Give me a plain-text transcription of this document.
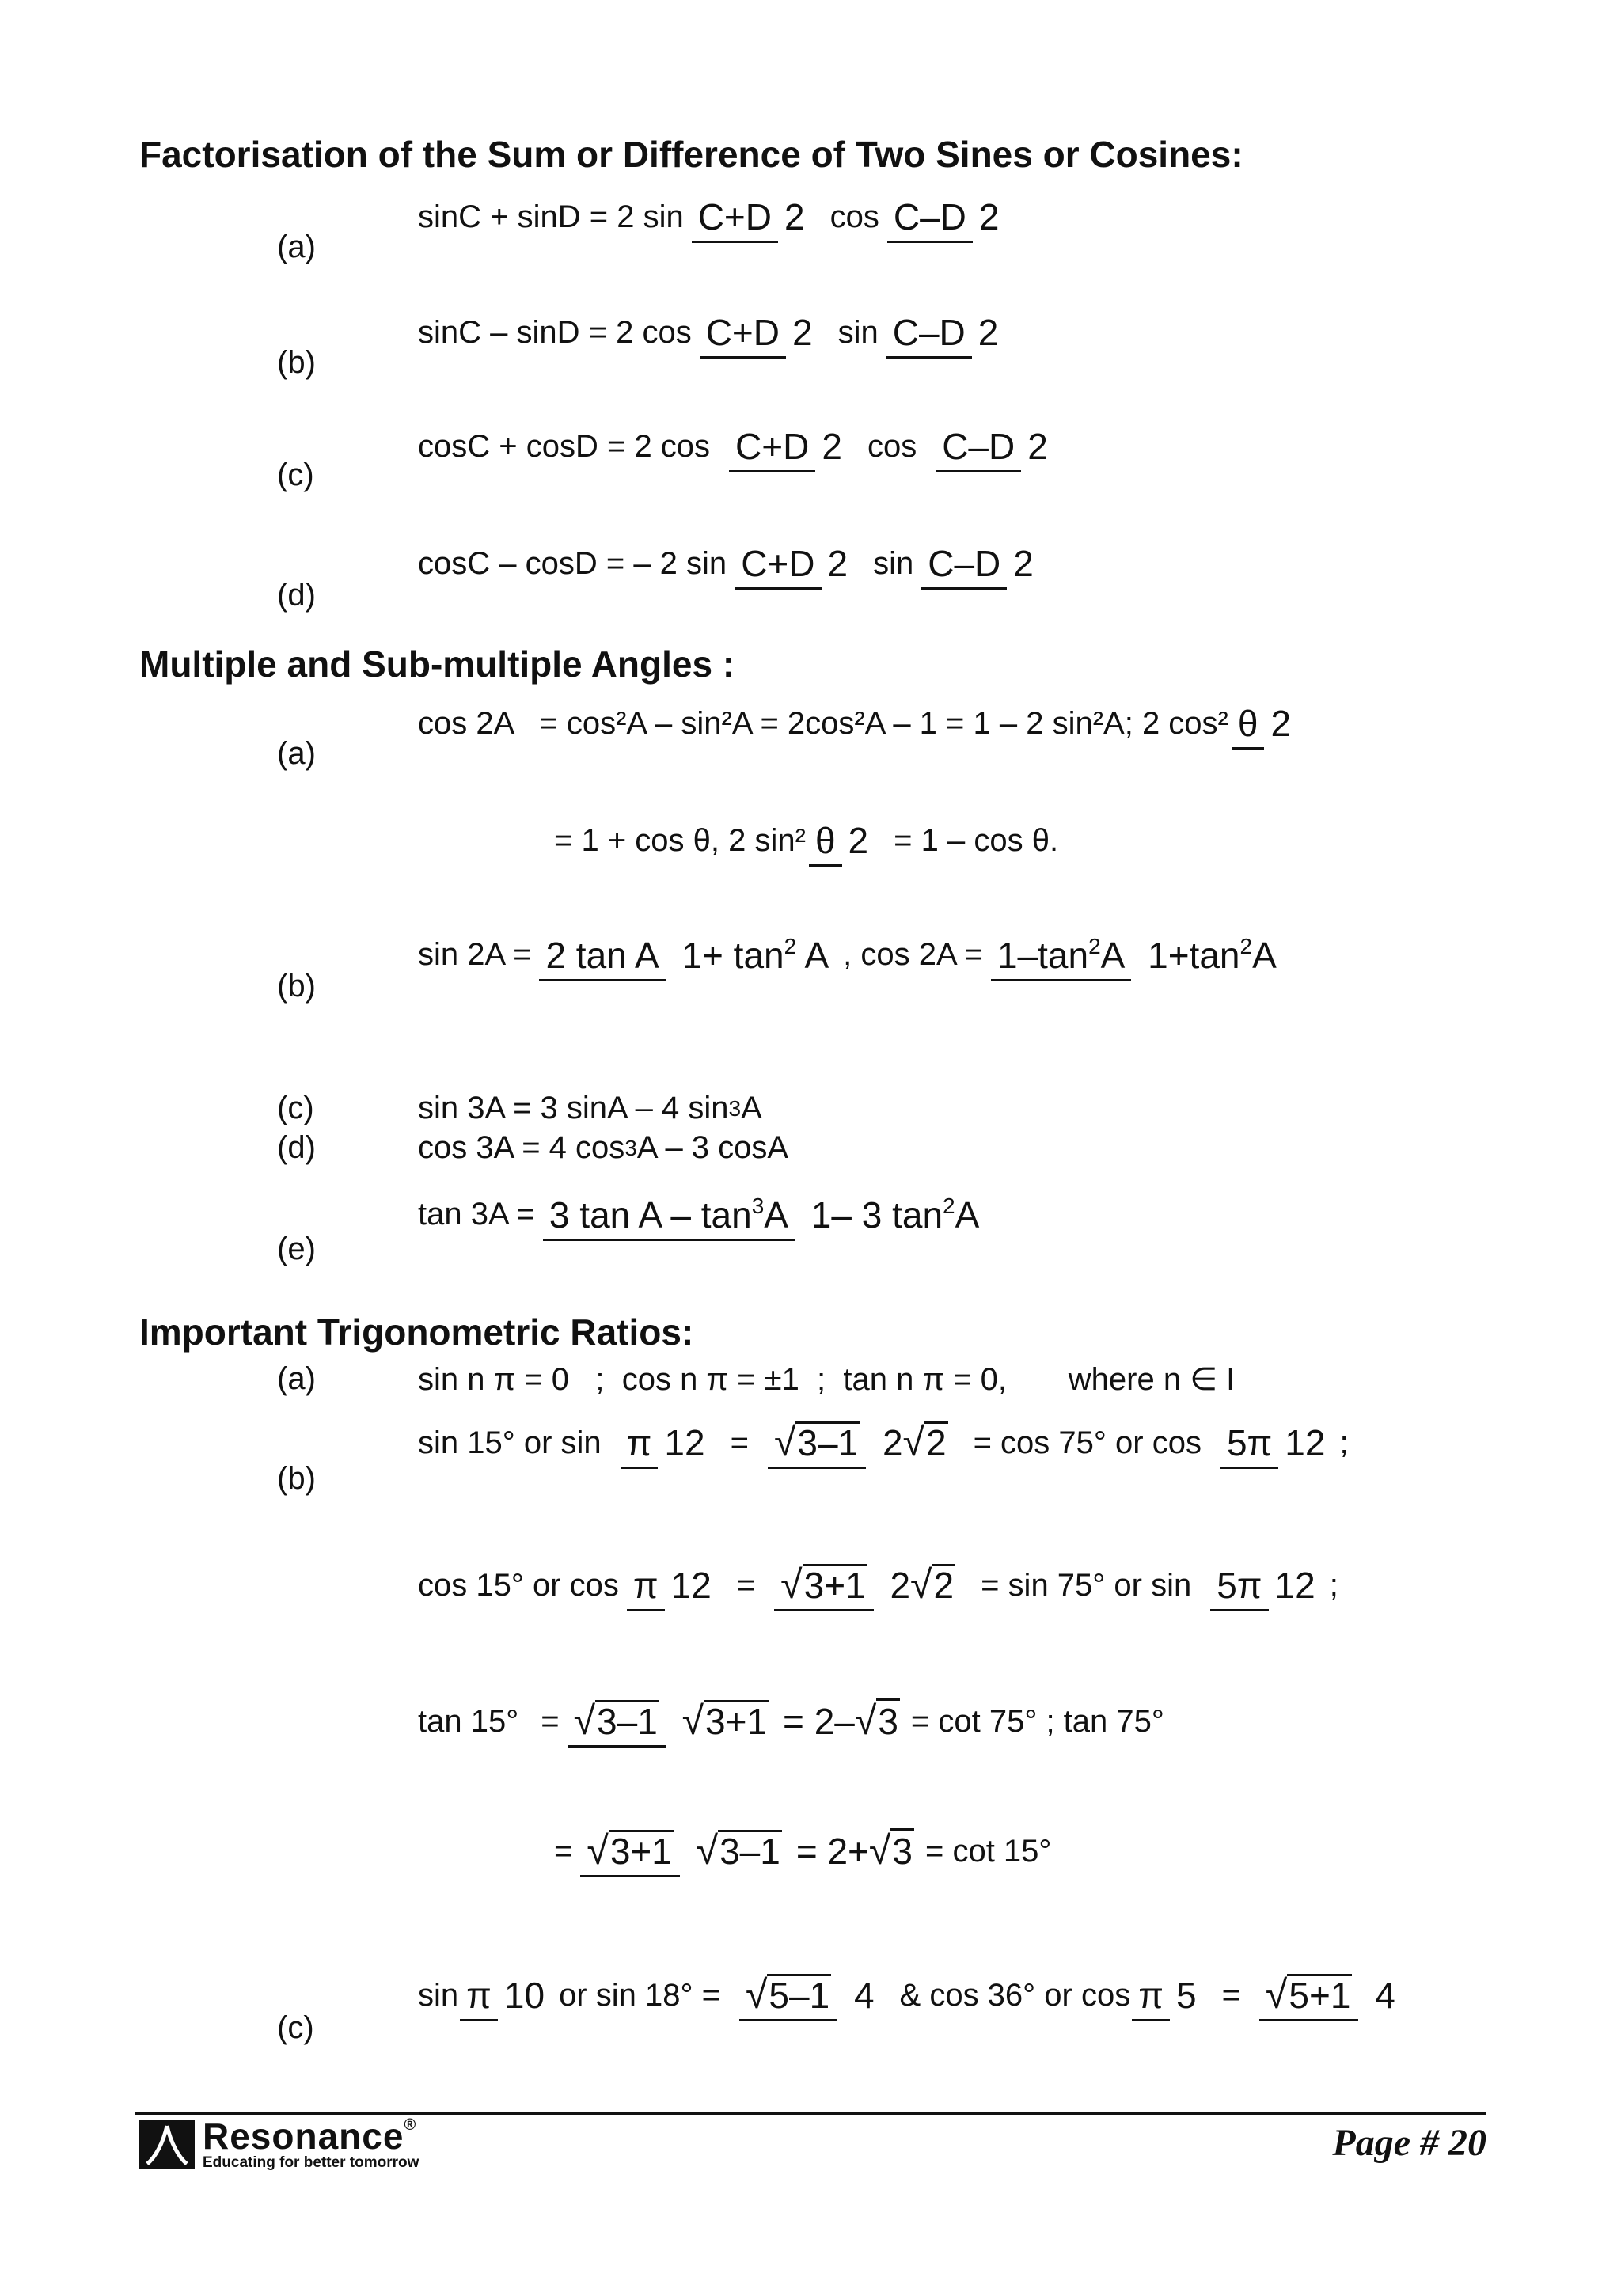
Factorisation of the Sum or Difference of Two Sines or Cosines:
(a)
sinC + sinD = 2 sin C+D 2 cos C–D 2
(b)
sinC – sinD = 2 cos C+D 2 sin C–D 2
(c)
cosC + cosD = 2 cos C+D 2 cos C–D 2
(d)
cosC – cosD = – 2 sin C+D 2 sin C–D 2
Multiple and Sub-multiple Angles :
(a)
cos 2A   = cos²A – sin²A = 2cos²A – 1 = 1 – 2 sin²A; 2 cos² θ 2
= 1 + cos θ, 2 sin² θ 2 = 1 – cos θ.
(b)
sin 2A = 2 tan A $1+ \tan^2 A$ , $\cos 2A = 1-\tan^2A$ $1+\tan^2A$
(c)	sin 3A = 3 sinA – 4 sin 3 A
(d)	cos 3A = 4 cos 3 A – 3 cosA
(e)
tan 3A = 3 tan A – $\tan^3A$ 1– 3 $\tan^2A$
Important Trigonometric Ratios:
(a)	sin n π = 0   ;  cos n π = ±1  ;  tan n π = 0,       where n ∈ I
(b)
sin 15° or sin π 12 = √ 3–1 2 √ 2 = cos 75° or cos 5π 12 ;
cos 15° or cos π 12 = √ 3+1 2 √ 2 = sin 75° or sin 5π 12 ;
tan 15° = √ 3–1
√ 3+1 = 2– √3 = cot 75° ; tan 75°
= √ 3+1
√ 3–1 = 2+ √3 = cot 15°
(c)
sin π 10 or sin 18° = √ 5–1 4 & cos 36° or cos π 5 = √ 5+1 4
Resonance®
Educating for better tomorrow	Page # 20
